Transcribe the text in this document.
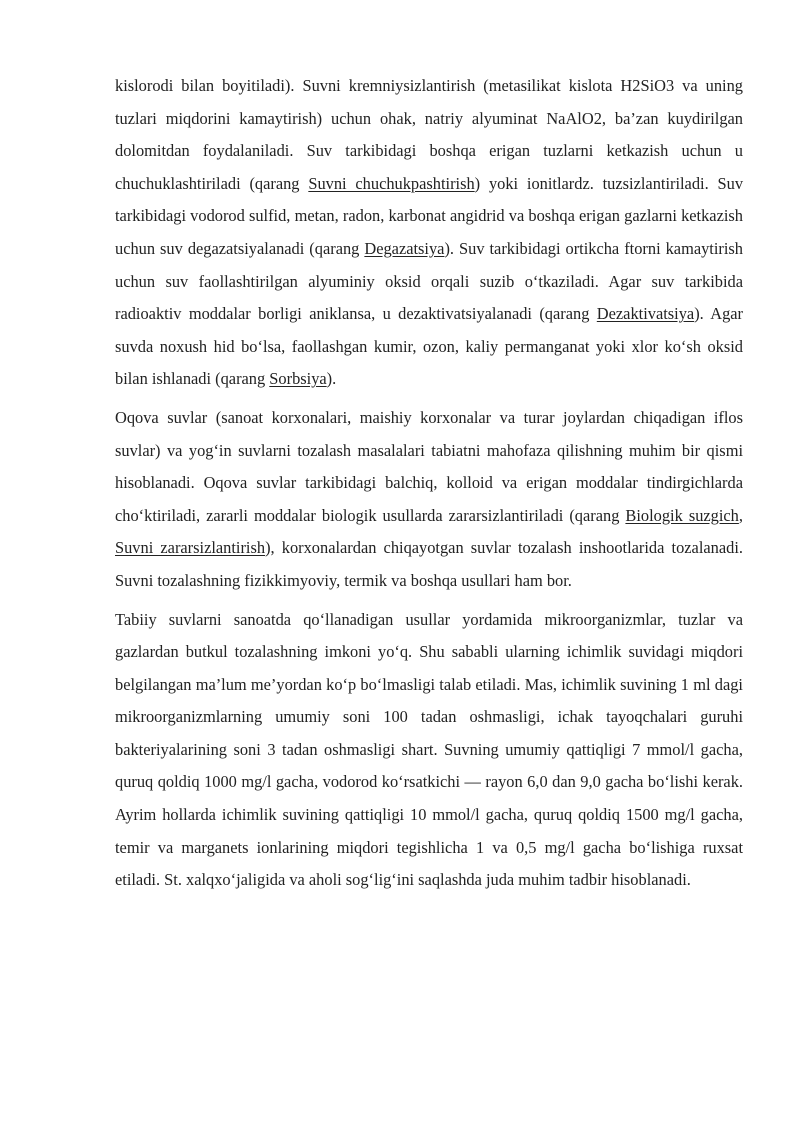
kislorodi bilan boyitiladi). Suvni kremniysizlantirish (metasilikat kislota H2SiO3 va uning tuzlari miqdorini kamaytirish) uchun ohak, natriy alyuminat NaAlO2, ba’zan kuydirilgan dolomitdan foydalaniladi. Suv tarkibidagi boshqa erigan tuzlarni ketkazish uchun u chuchuklashtiriladi (qarang Suvni chuchukpashtirish) yoki ionitlardz. tuzsizlantiriladi. Suv tarkibidagi vodorod sulfid, metan, radon, karbonat angidrid va boshqa erigan gazlarni ketkazish uchun suv degazatsiyalanadi (qarang Degazatsiya). Suv tarkibidagi ortikcha ftorni kamaytirish uchun suv faollashtirilgan alyuminiy oksid orqali suzib o‘tkaziladi. Agar suv tarkibida radioaktiv moddalar borligi aniklansa, u dezaktivatsiyalanadi (qarang Dezaktivatsiya). Agar suvda noxush hid bo‘lsa, faollashgan kumir, ozon, kaliy permanganat yoki xlor ko‘sh oksid bilan ishlanadi (qarang Sorbsiya).

Oqova suvlar (sanoat korxonalari, maishiy korxonalar va turar joylardan chiqadigan iflos suvlar) va yog‘in suvlarni tozalash masalalari tabiatni mahofaza qilishning muhim bir qismi hisoblanadi. Oqova suvlar tarkibidagi balchiq, kolloid va erigan moddalar tindirgichlarda cho‘ktiriladi, zararli moddalar biologik usullarda zararsizlantiriladi (qarang Biologik suzgich, Suvni zararsizlantirish), korxonalardan chiqayotgan suvlar tozalash inshootlarida tozalanadi. Suvni tozalashning fizikkimyoviy, termik va boshqa usullari ham bor.

Tabiiy suvlarni sanoatda qo‘llanadigan usullar yordamida mikroorganizmlar, tuzlar va gazlardan butkul tozalashning imkoni yo‘q. Shu sababli ularning ichimlik suvidagi miqdori belgilangan ma’lum me’yordan ko‘p bo‘lmasligi talab etiladi. Mas, ichimlik suvining 1 ml dagi mikroorganizmlarning umumiy soni 100 tadan oshmasligi, ichak tayoqchalari guruhi bakteriyalarining soni 3 tadan oshmasligi shart. Suvning umumiy qattiqligi 7 mmol/l gacha, quruq qoldiq 1000 mg/l gacha, vodorod ko‘rsatkichi — rayon 6,0 dan 9,0 gacha bo‘lishi kerak. Ayrim hollarda ichimlik suvining qattiqligi 10 mmol/l gacha, quruq qoldiq 1500 mg/l gacha, temir va marganets ionlarining miqdori tegishlicha 1 va 0,5 mg/l gacha bo‘lishiga ruxsat etiladi. St. xalqxo‘jaligida va aholi sog‘lig‘ini saqlashda juda muhim tadbir hisoblanadi.
